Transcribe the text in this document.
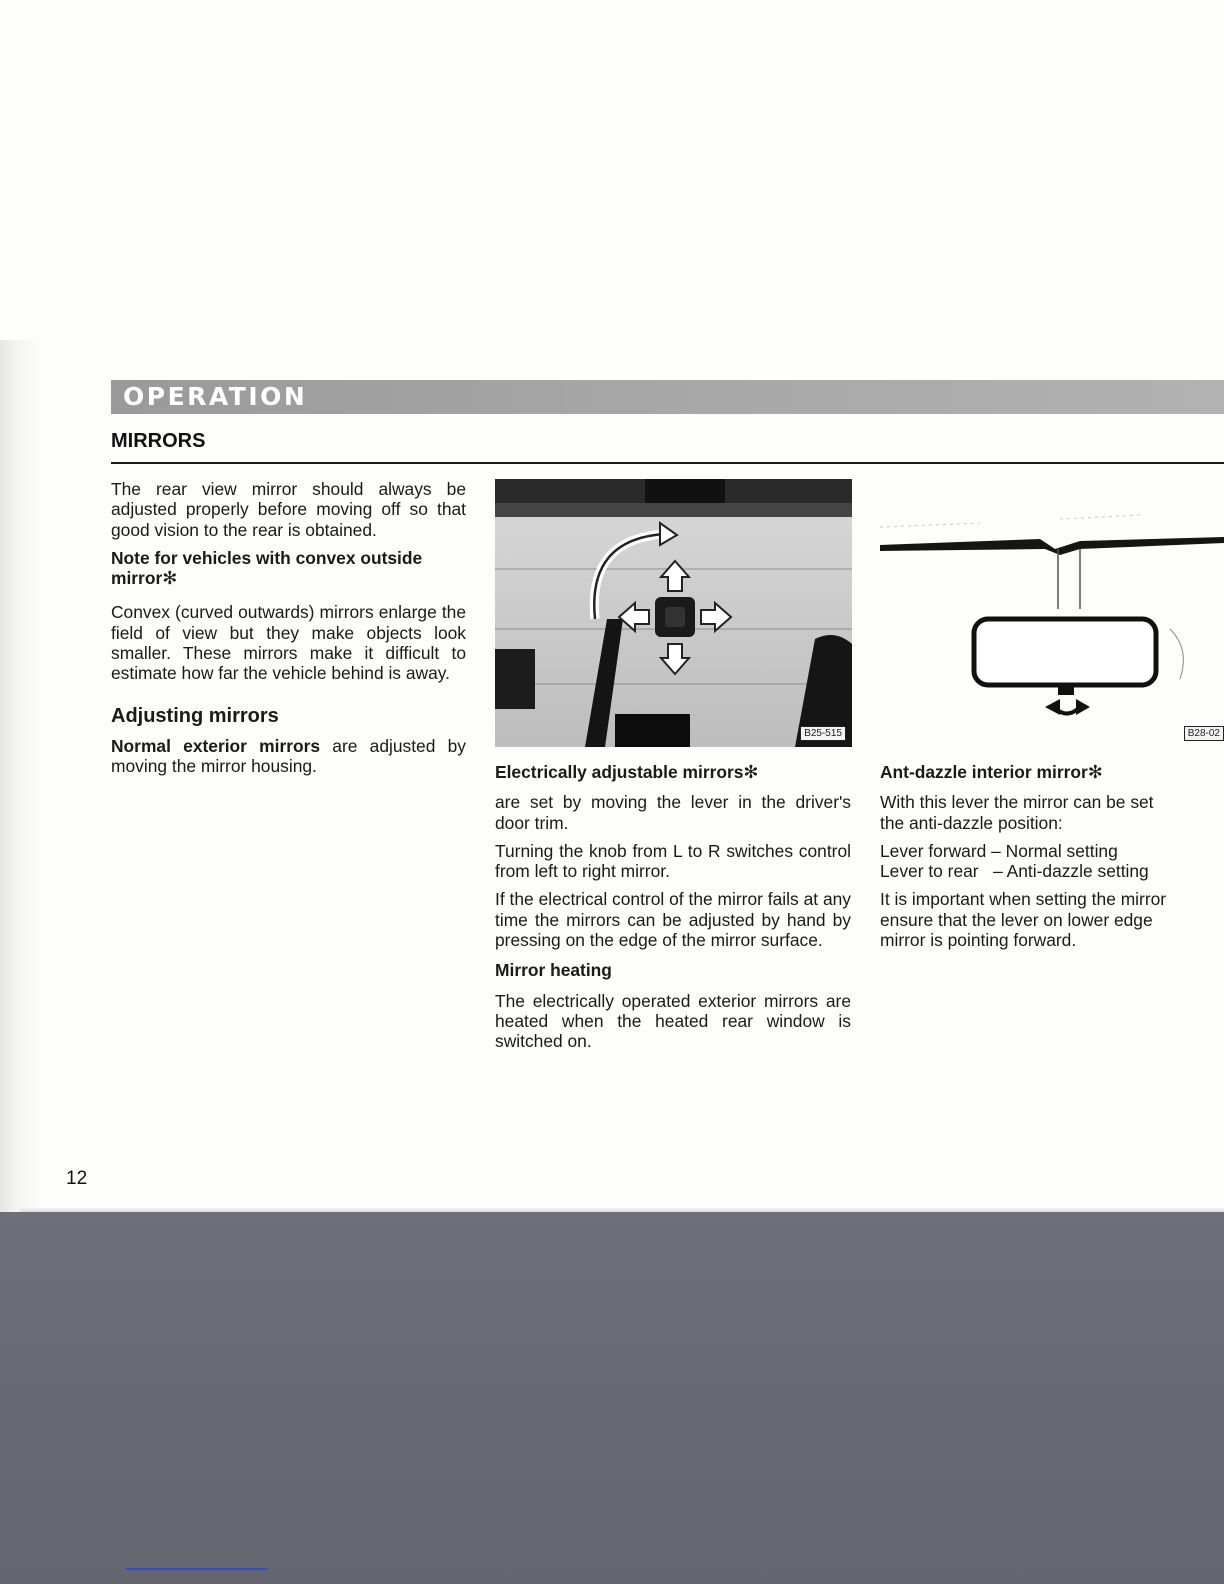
OPERATION
MIRRORS

The rear view mirror should always be adjusted properly before moving off so that good vision to the rear is obtained.

Note for vehicles with convex outside mirror✻

Convex (curved outwards) mirrors enlarge the field of view but they make objects look smaller. These mirrors make it difficult to estimate how far the vehicle behind is away.

Adjusting mirrors

Normal exterior mirrors are adjusted by moving the mirror housing.

B25-515	B28-02
Electrically adjustable mirrors✻

are set by moving the lever in the driver's door trim.

Turning the knob from L to R switches control from left to right mirror.

If the electrical control of the mirror fails at any time the mirrors can be adjusted by hand by pressing on the edge of the mirror surface.

Mirror heating

The electrically operated exterior mirrors are heated when the heated rear window is switched on.

Ant-dazzle interior mirror✻

With this lever the mirror can be set
the anti-dazzle position:

Lever forward – Normal setting
Lever to rear   – Anti-dazzle setting

It is important when setting the mirror
ensure that the lever on lower edge
mirror is pointing forward.

12
